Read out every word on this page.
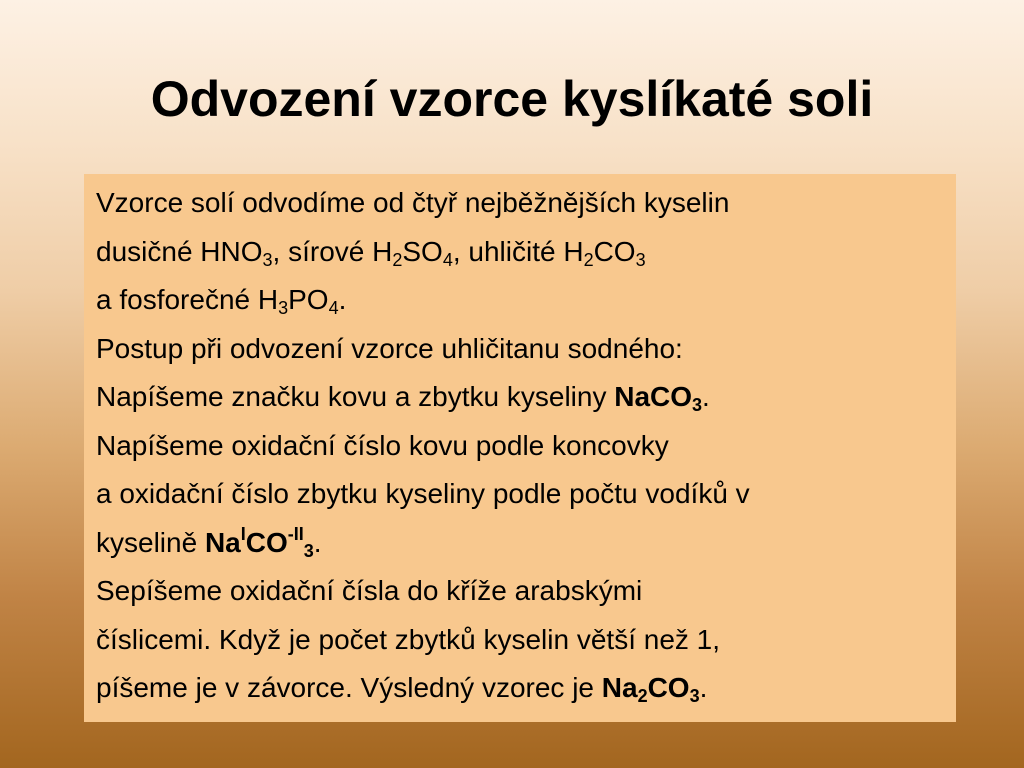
Odvození vzorce kyslíkaté soli

Vzorce solí odvodíme od čtyř nejběžnějších kyselin

dusičné $HNO_3$, sírové $H_2SO_4$, uhličité $H_2CO_3$

a fosforečné $H_3PO_4$.

Postup při odvození vzorce uhličitanu sodného:

Napíšeme značku kovu a zbytku kyseliny NaCO$_3$.

Napíšeme oxidační číslo kovu podle koncovky

a oxidační číslo zbytku kyseliny podle počtu vodíků v

kyselině $Na^ICO^{-II}_3$.

Sepíšeme oxidační čísla do kříže arabskými

číslicemi. Když je počet zbytků kyselin větší než 1,

píšeme je v závorce. Výsledný vzorec je $Na_2CO_3$.
